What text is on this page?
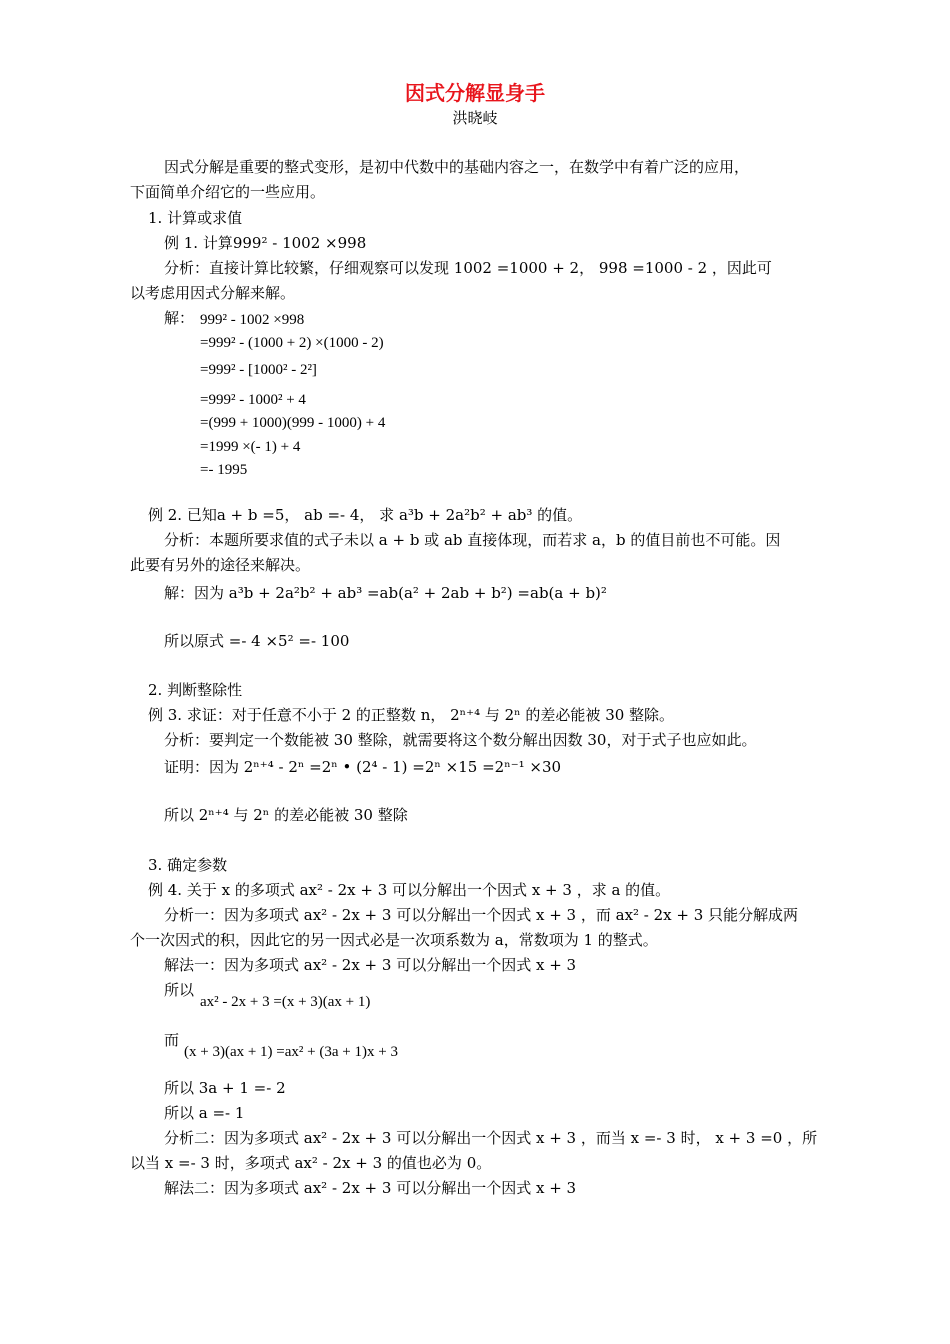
因式分解显身手
洪晓岐
因式分解是重要的整式变形，是初中代数中的基础内容之一，在数学中有着广泛的应用，
下面简单介绍它的一些应用。
1. 计算或求值
例 1. 计算999² - 1002 ×998
分析：直接计算比较繁，仔细观察可以发现 1002 =1000 + 2， 998 =1000 - 2 ，因此可
以考虑用因式分解来解。
解： 999² - 1002 ×998
=999² - (1000 + 2) ×(1000 - 2)
=999² - [1000² - 2²]
=999² - 1000² + 4
=(999 + 1000)(999 - 1000) + 4
=1999 ×(- 1) + 4
=- 1995
例 2. 已知a + b =5， ab =- 4， 求 a³b + 2a²b² + ab³ 的值。
分析：本题所要求值的式子未以 a + b 或 ab 直接体现，而若求 a，b 的值目前也不可能。因
此要有另外的途径来解决。
解：因为 a³b + 2a²b² + ab³ =ab(a² + 2ab + b²) =ab(a + b)²
所以原式 =- 4 ×5² =- 100
2. 判断整除性
例 3. 求证：对于任意不小于 2 的正整数 n， 2ⁿ⁺⁴ 与 2ⁿ 的差必能被 30 整除。
分析：要判定一个数能被 30 整除，就需要将这个数分解出因数 30，对于式子也应如此。
证明：因为 2ⁿ⁺⁴ - 2ⁿ =2ⁿ • (2⁴ - 1) =2ⁿ ×15 =2ⁿ⁻¹ ×30
所以 2ⁿ⁺⁴ 与 2ⁿ 的差必能被 30 整除
3. 确定参数
例 4. 关于 x 的多项式 ax² - 2x + 3 可以分解出一个因式 x + 3 ，求 a 的值。
分析一：因为多项式 ax² - 2x + 3 可以分解出一个因式 x + 3 ，而 ax² - 2x + 3 只能分解成两
个一次因式的积，因此它的另一因式必是一次项系数为 a，常数项为 1 的整式。
解法一：因为多项式 ax² - 2x + 3 可以分解出一个因式 x + 3
所以
ax² - 2x + 3 =(x + 3)(ax + 1)
而
(x + 3)(ax + 1) =ax² + (3a + 1)x + 3
所以 3a + 1 =- 2
所以 a =- 1
分析二：因为多项式 ax² - 2x + 3 可以分解出一个因式 x + 3 ，而当 x =- 3 时， x + 3 =0 ，所
以当 x =- 3 时，多项式 ax² - 2x + 3 的值也必为 0。
解法二：因为多项式 ax² - 2x + 3 可以分解出一个因式 x + 3
